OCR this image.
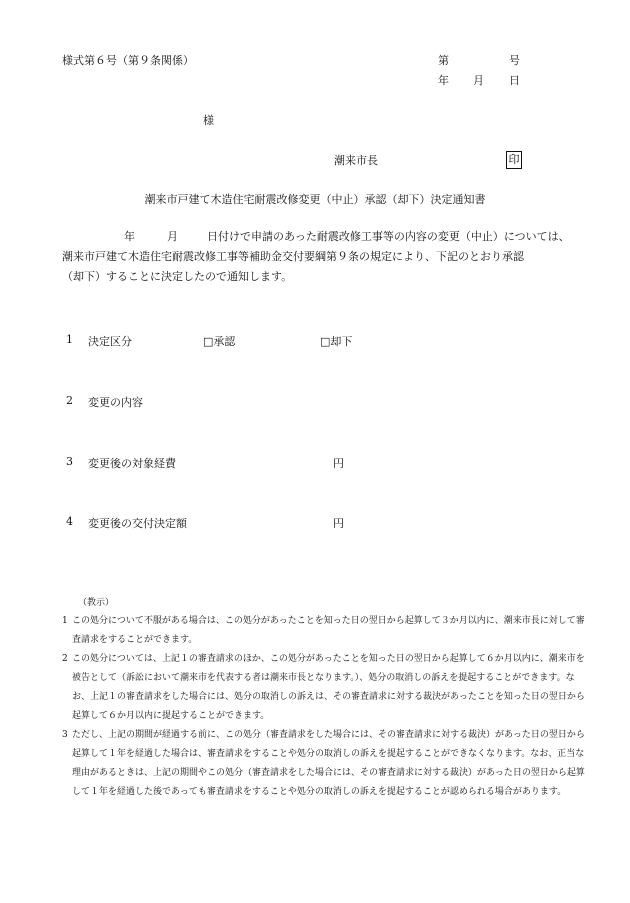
様式第６号（第９条関係）	第	号
年 月 日
様
潮来市長	印
潮来市戸建て木造住宅耐震改修変更（中止）承認（却下）決定通知書
年	月	日付けで申請のあった耐震改修工事等の内容の変更（中止）については、
潮来市戸建て木造住宅耐震改修工事等補助金交付要綱第９条の規定により、下記のとおり承認
（却下）することに決定したので通知します。
1 決定区分	□承認	□却下
2 変更の内容
3 変更後の対象経費	円
4 変更後の交付決定額	円
（教示）
1 この処分について不服がある場合は、この処分があったことを知った日の翌日から起算して３か月以内に、潮来市長に対して審査請求をすることができます。
2 この処分については、上記１の審査請求のほか、この処分があったことを知った日の翌日から起算して６か月以内に、潮来市を被告として（訴訟において潮来市を代表する者は潮来市長となります。）、処分の取消しの訴えを提起することができます。なお、上記１の審査請求をした場合には、処分の取消しの訴えは、その審査請求に対する裁決があったことを知った日の翌日から起算して６か月以内に提起することができます。
3 ただし、上記の期間が経過する前に、この処分（審査請求をした場合には、その審査請求に対する裁決）があった日の翌日から起算して１年を経過した場合は、審査請求をすることや処分の取消しの訴えを提起することができなくなります。なお、正当な理由があるときは、上記の期間やこの処分（審査請求をした場合には、その審査請求に対する裁決）があった日の翌日から起算して１年を経過した後であっても審査請求をすることや処分の取消しの訴えを提起することが認められる場合があります。
